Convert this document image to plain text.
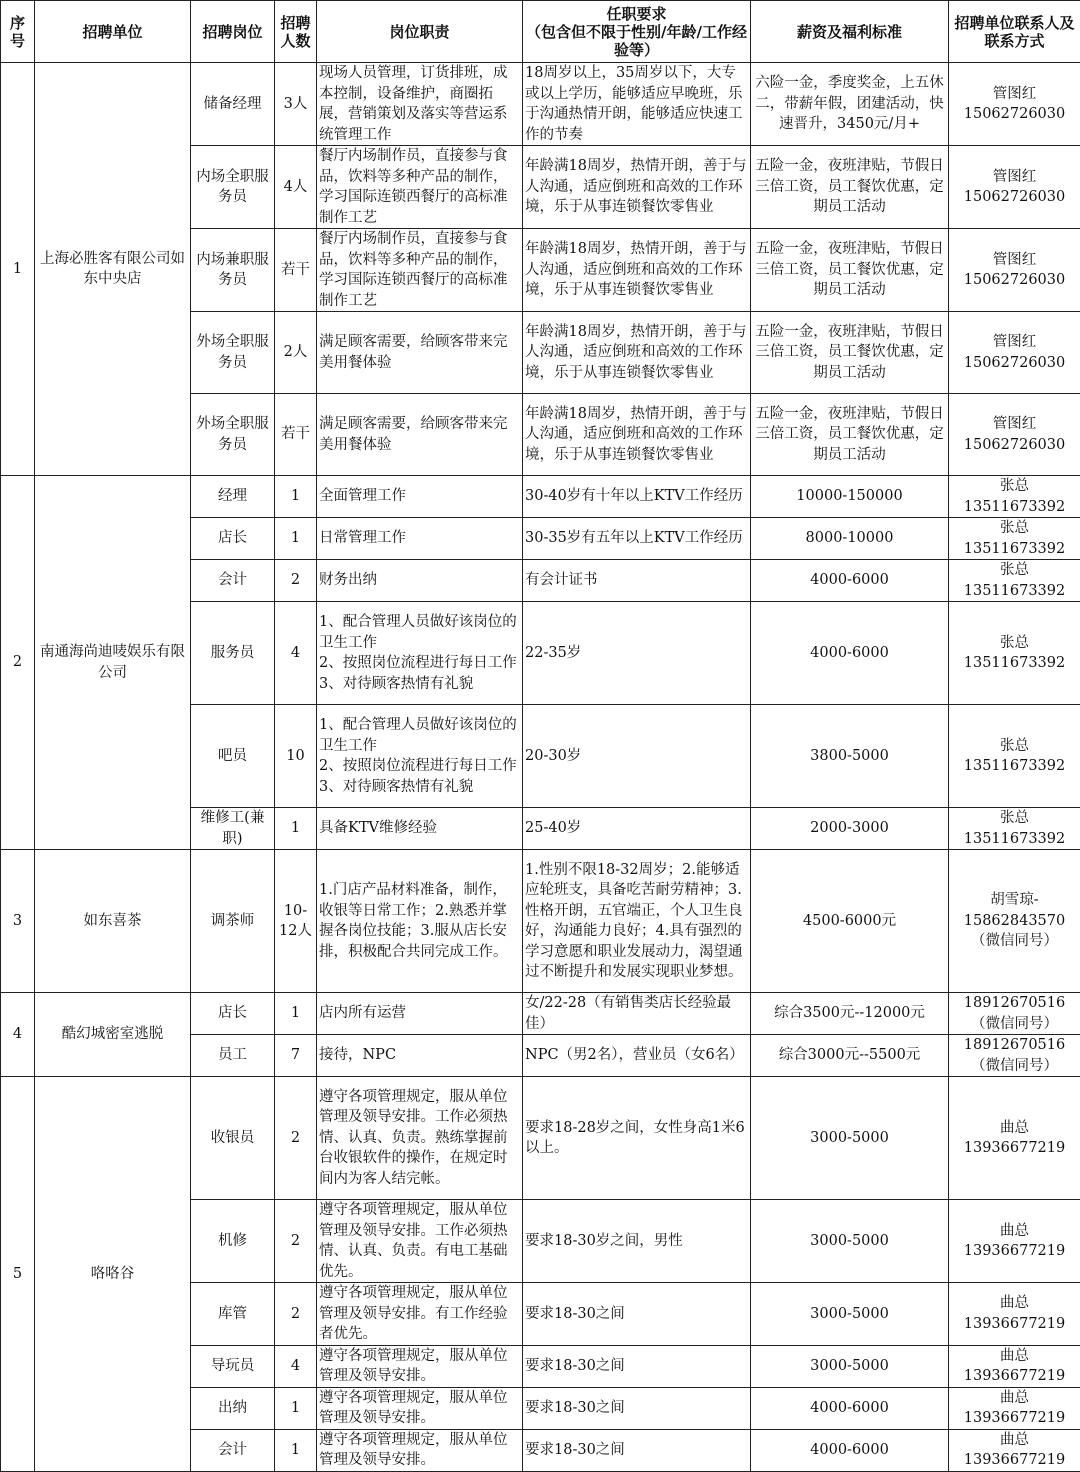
序号	招聘单位	招聘岗位	招聘人数	岗位职责	任职要求
（包含但不限于性别/年龄/工作经验等）	薪资及福利标准	招聘单位联系人及联系方式
1	上海必胜客有限公司如东中央店	储备经理	3人	现场人员管理，订货排班，成本控制，设备维护，商圈拓展，营销策划及落实等营运系统管理工作	18周岁以上，35周岁以下，大专或以上学历，能够适应早晚班，乐于沟通热情开朗，能够适应快速工作的节奏	六险一金，季度奖金，上五休二，带薪年假，团建活动，快速晋升，3450元/月+	管图红
15062726030
		内场全职服务员	4人	餐厅内场制作员，直接参与食品，饮料等多种产品的制作，学习国际连锁西餐厅的高标准制作工艺	年龄满18周岁，热情开朗，善于与人沟通，适应倒班和高效的工作环境，乐于从事连锁餐饮零售业	五险一金，夜班津贴，节假日三倍工资，员工餐饮优惠，定期员工活动	管图红
15062726030
		内场兼职服务员	若干	餐厅内场制作员，直接参与食品，饮料等多种产品的制作，学习国际连锁西餐厅的高标准制作工艺	年龄满18周岁，热情开朗，善于与人沟通，适应倒班和高效的工作环境，乐于从事连锁餐饮零售业	五险一金，夜班津贴，节假日三倍工资，员工餐饮优惠，定期员工活动	管图红
15062726030
		外场全职服务员	2人	满足顾客需要，给顾客带来完美用餐体验	年龄满18周岁，热情开朗，善于与人沟通，适应倒班和高效的工作环境，乐于从事连锁餐饮零售业	五险一金，夜班津贴，节假日三倍工资，员工餐饮优惠，定期员工活动	管图红
15062726030
		外场全职服务员	若干	满足顾客需要，给顾客带来完美用餐体验	年龄满18周岁，热情开朗，善于与人沟通，适应倒班和高效的工作环境，乐于从事连锁餐饮零售业	五险一金，夜班津贴，节假日三倍工资，员工餐饮优惠，定期员工活动	管图红
15062726030
2	南通海尚迪唛娱乐有限公司	经理	1	全面管理工作	30-40岁有十年以上KTV工作经历	10000-150000	张总13511673392
		店长	1	日常管理工作	30-35岁有五年以上KTV工作经历	8000-10000	张总13511673392
		会计	2	财务出纳	有会计证书	4000-6000	张总13511673392
		服务员	4	1、配合管理人员做好该岗位的卫生工作
2、按照岗位流程进行每日工作
3、对待顾客热情有礼貌	22-35岁	4000-6000	张总13511673392
		吧员	10	1、配合管理人员做好该岗位的卫生工作
2、按照岗位流程进行每日工作
3、对待顾客热情有礼貌	20-30岁	3800-5000	张总13511673392
		维修工(兼职)	1	具备KTV维修经验	25-40岁	2000-3000	张总13511673392
3	如东喜茶	调茶师	10-12人	1.门店产品材料准备，制作，收银等日常工作；2.熟悉并掌握各岗位技能；3.服从店长安排，积极配合共同完成工作。	1.性别不限18-32周岁；2.能够适应轮班支，具备吃苦耐劳精神；3.性格开朗，五官端正，个人卫生良好，沟通能力良好；4.具有强烈的学习意愿和职业发展动力，渴望通过不断提升和发展实现职业梦想。	4500-6000元	胡雪琼-
15862843570
（微信同号）
4	酷幻城密室逃脱	店长	1	店内所有运营	女/22-28（有销售类店长经验最佳）	综合3500元--12000元	18912670516（微信同号）
		员工	7	接待，NPC	NPC（男2名），营业员（女6名）	综合3000元--5500元	18912670516（微信同号）
5	咯咯谷	收银员	2	遵守各项管理规定，服从单位管理及领导安排。工作必须热情、认真、负责。熟练掌握前台收银软件的操作，在规定时间内为客人结完帐。	要求18-28岁之间，女性身高1米6以上。	3000-5000	曲总13936677219
		机修	2	遵守各项管理规定，服从单位管理及领导安排。工作必须热情、认真、负责。有电工基础优先。	要求18-30岁之间，男性	3000-5000	曲总13936677219
		库管	2	遵守各项管理规定，服从单位管理及领导安排。有工作经验者优先。	要求18-30之间	3000-5000	曲总13936677219
		导玩员	4	遵守各项管理规定，服从单位管理及领导安排。	要求18-30之间	3000-5000	曲总13936677219
		出纳	1	遵守各项管理规定，服从单位管理及领导安排。	要求18-30之间	4000-6000	曲总13936677219
		会计	1	遵守各项管理规定，服从单位管理及领导安排。	要求18-30之间	4000-6000	曲总13936677219
